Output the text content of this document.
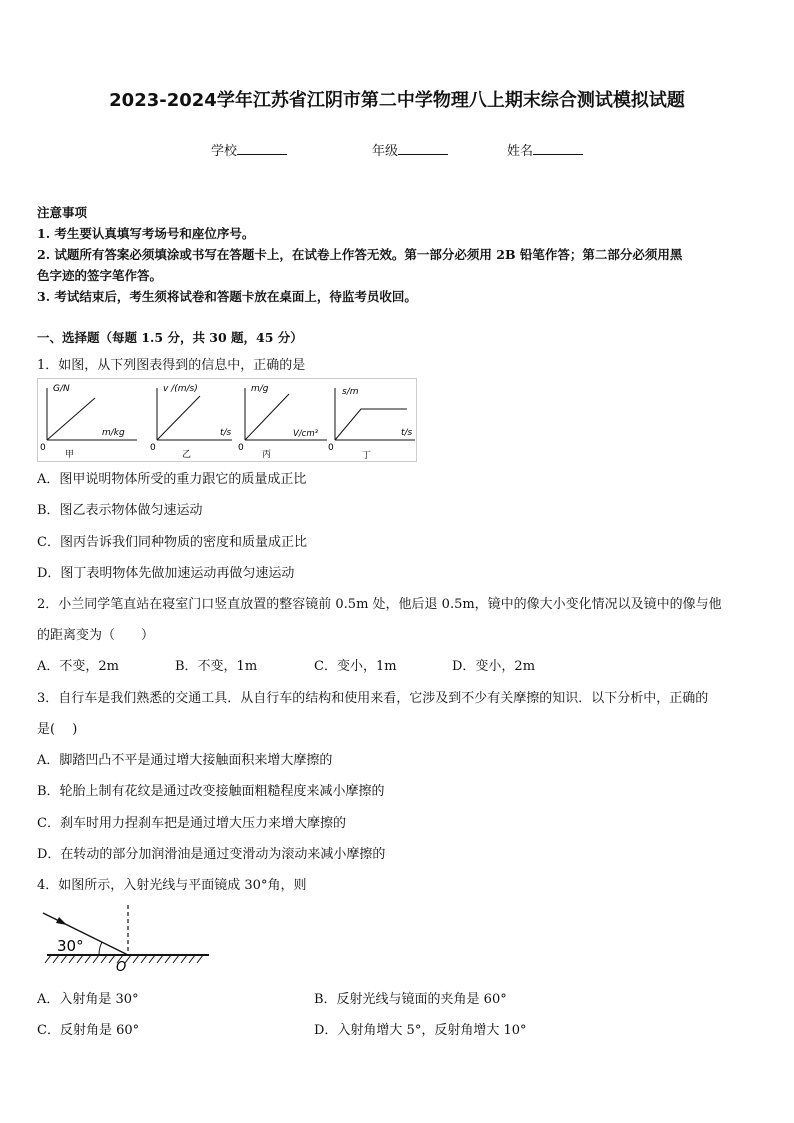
2023-2024学年江苏省江阴市第二中学物理八上期末综合测试模拟试题
学校	年级	姓名
注意事项
1. 考生要认真填写考场号和座位序号。
2. 试题所有答案必须填涂或书写在答题卡上，在试卷上作答无效。第一部分必须用 2B 铅笔作答；第二部分必须用黑
色字迹的签字笔作答。
3. 考试结束后，考生须将试卷和答题卡放在桌面上，待监考员收回。
一、选择题（每题 1.5 分，共 30 题，45 分）
1．如图，从下列图表得到的信息中，正确的是
G/N
m/kg
0
甲
v /(m/s)
t/s
0
乙
m/g
V/cm³
0
丙
s/m
t/s
0
丁
A．图甲说明物体所受的重力跟它的质量成正比
B．图乙表示物体做匀速运动
C．图丙告诉我们同种物质的密度和质量成正比
D．图丁表明物体先做加速运动再做匀速运动
2．小兰同学笔直站在寝室门口竖直放置的整容镜前 0.5m 处，他后退 0.5m，镜中的像大小变化情况以及镜中的像与他
的距离变为（　　）
A．不变，2m	B．不变，1m	C．变小，1m	D．变小，2m
3．自行车是我们熟悉的交通工具．从自行车的结构和使用来看，它涉及到不少有关摩擦的知识．以下分析中，正确的
是(　 )
A．脚踏凹凸不平是通过增大接触面积来增大摩擦的
B．轮胎上制有花纹是通过改变接触面粗糙程度来减小摩擦的
C．刹车时用力捏刹车把是通过增大压力来增大摩擦的
D．在转动的部分加润滑油是通过变滑动为滚动来减小摩擦的
4．如图所示，入射光线与平面镜成 30°角，则
30°
O
A．入射角是 30°	B．反射光线与镜面的夹角是 60°
C．反射角是 60°	D．入射角增大 5°，反射角增大 10°
